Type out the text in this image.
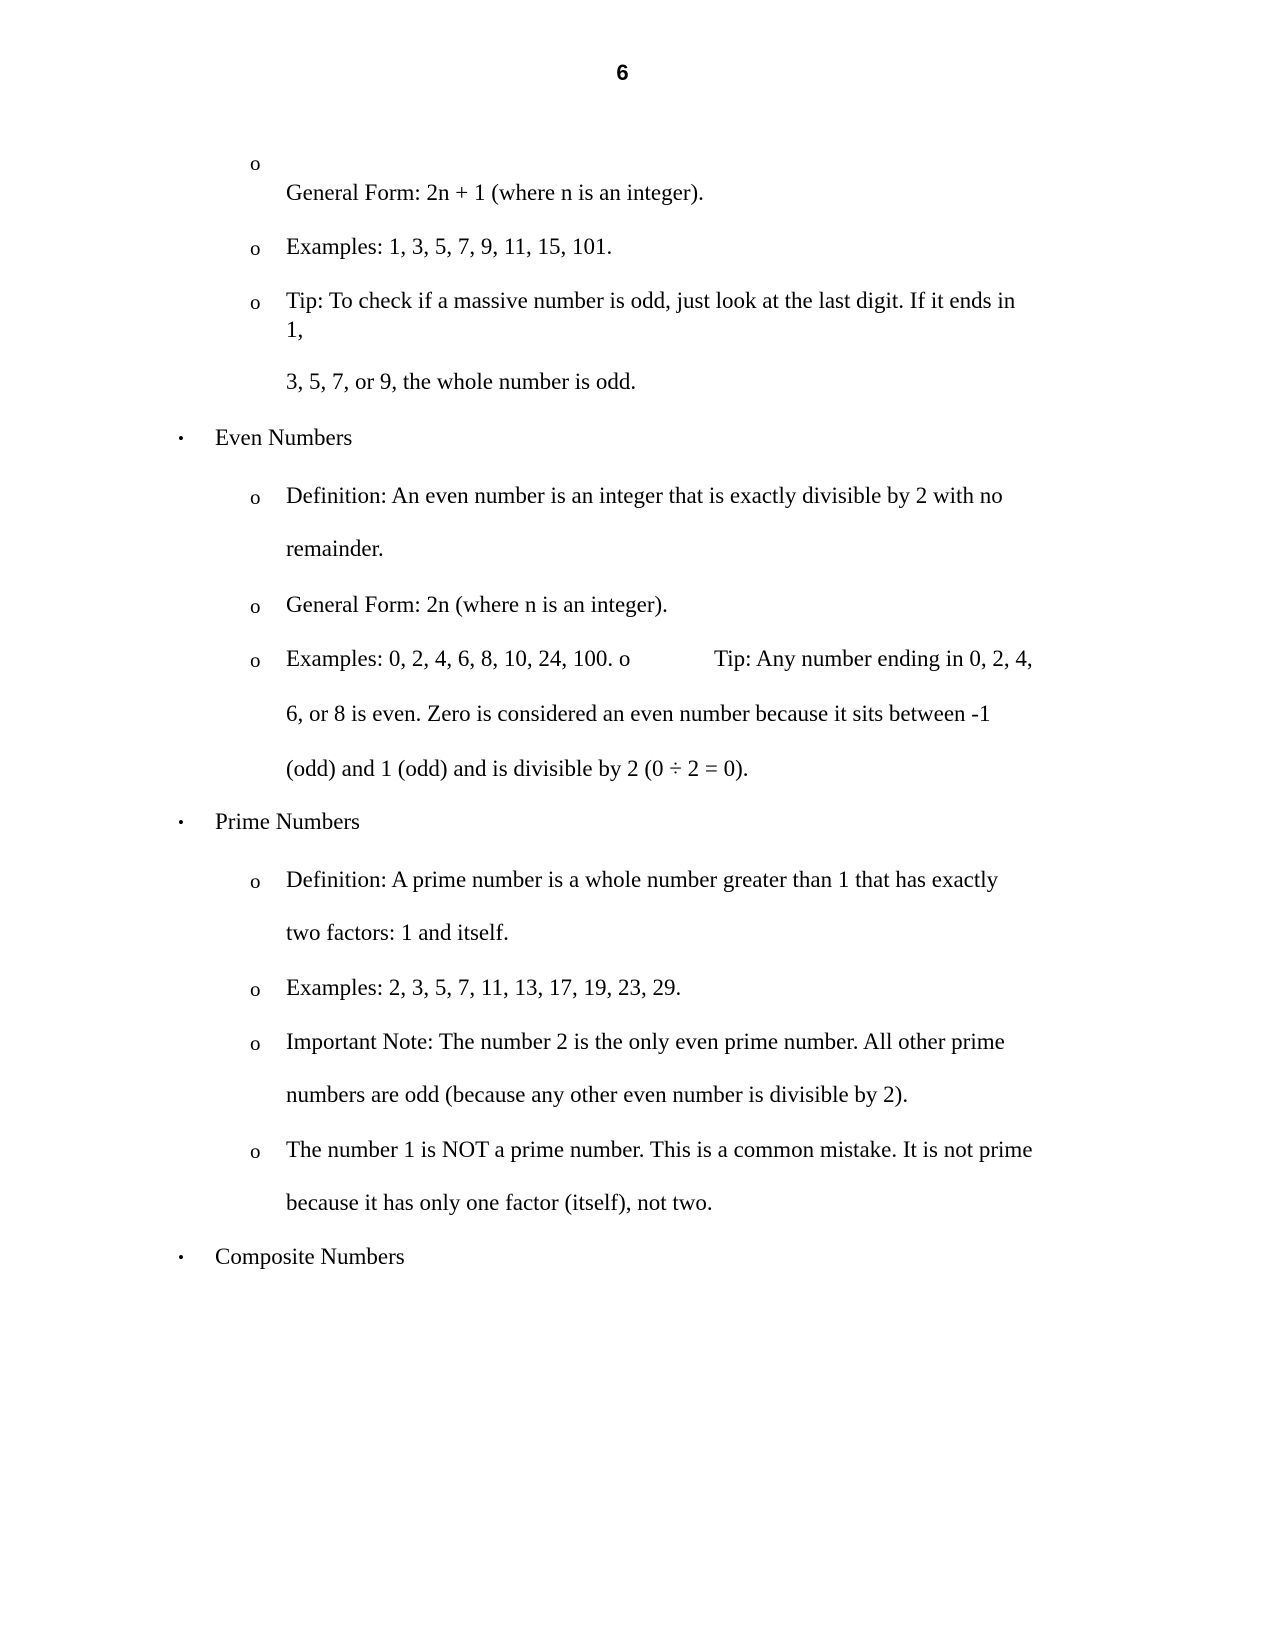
6
o
General Form: 2n + 1 (where n is an integer).
o Examples: 1, 3, 5, 7, 9, 11, 15, 101.
o Tip: To check if a massive number is odd, just look at the last digit. If it ends in
1,
3, 5, 7, or 9, the whole number is odd.
• Even Numbers
o Definition: An even number is an integer that is exactly divisible by 2 with no
remainder.
o General Form: 2n (where n is an integer).
o Examples: 0, 2, 4, 6, 8, 10, 24, 100. o	Tip: Any number ending in 0, 2, 4,
6, or 8 is even. Zero is considered an even number because it sits between -1
(odd) and 1 (odd) and is divisible by 2 (0 ÷ 2 = 0).
• Prime Numbers
o Definition: A prime number is a whole number greater than 1 that has exactly
two factors: 1 and itself.
o Examples: 2, 3, 5, 7, 11, 13, 17, 19, 23, 29.
o Important Note: The number 2 is the only even prime number. All other prime
numbers are odd (because any other even number is divisible by 2).
o The number 1 is NOT a prime number. This is a common mistake. It is not prime
because it has only one factor (itself), not two.
• Composite Numbers
